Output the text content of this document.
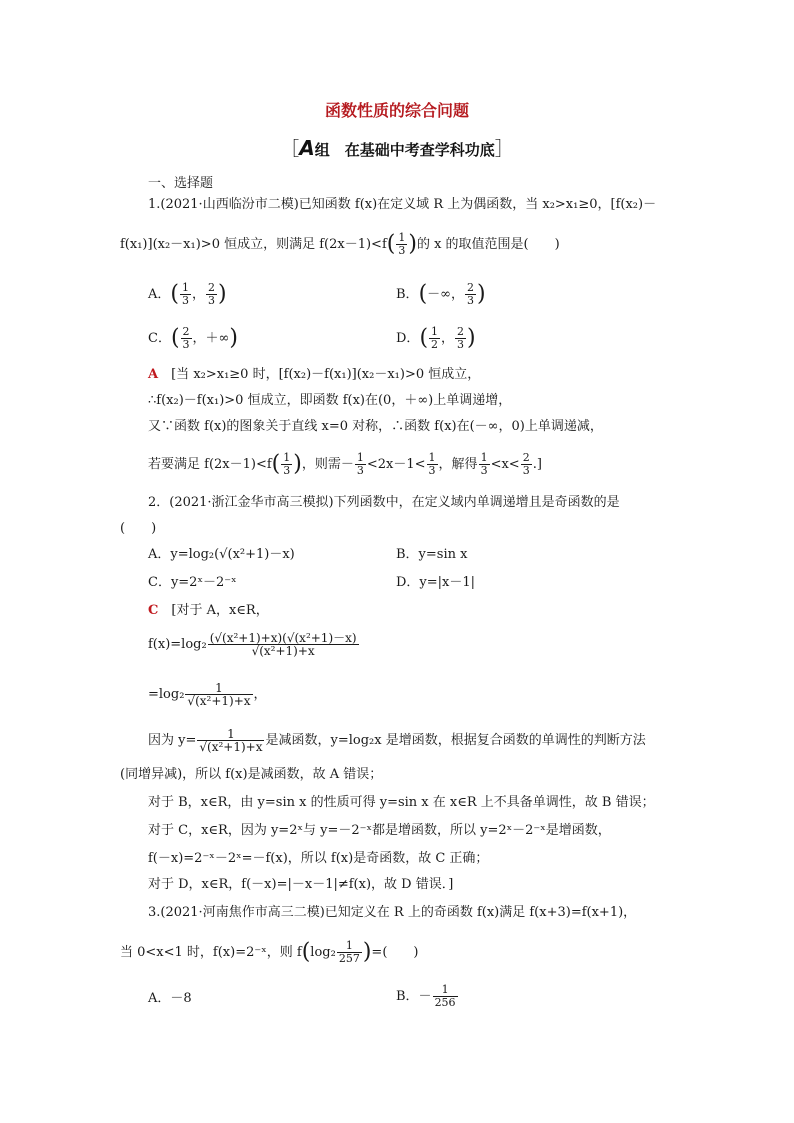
函数性质的综合问题
［A组　在基础中考查学科功底］
一、选择题
1.(2021·山西临汾市二模)已知函数 f(x)在定义域 R 上为偶函数，当 x₂>x₁≥0，[f(x₂)－
f(x₁)](x₂－x₁)>0 恒成立，则满足 $f(2x-1)<f( \frac{1}{3}$ )的 x 的取值范围是(　　)
A．( $\frac{1}{3}$ ， $\frac{2}{3}$ )	B．(－∞， $\frac{2}{3}$ )
C．( $\frac{2}{3}$ ，＋∞)	D．( $\frac{1}{2}$ ， $\frac{2}{3}$ )
A　 [当 x₂>x₁≥0 时，[f(x₂)－f(x₁)](x₂－x₁)>0 恒成立，
∴f(x₂)－f(x₁)>0 恒成立，即函数 f(x)在(0，＋∞)上单调递增，
又∵函数 f(x)的图象关于直线 x=0 对称，∴函数 f(x)在(－∞，0)上单调递减，
若要满足 $f(2x-1)<f( \frac{1}{3}$ )，则需－ $\frac{1}{3} <2x-1< \frac{1}{3}$ ，解得 $\frac{1}{3} <x< \frac{2}{3}$ .]
2．(2021·浙江金华市高三模拟)下列函数中，在定义域内单调递增且是奇函数的是
(　　)
A．y=log₂(√(x²+1)－x)	B．y=sin x
C．y=2ˣ－2⁻ˣ	D．y=|x－1|
C　 [对于 A，x∈R，
$f(x)=\log_2 \frac{\text{(√(x²+1)+x)(√(x²+1)－x)}}{\text{√(x²+1)+x}}$
$=\log_2 \frac{1}{\text{√(x²+1)+x}}$ ，
因为 $y= \frac{1}{\text{√(x²+1)+x}}$ 是减函数，y=log₂x 是增函数，根据复合函数的单调性的判断方法
(同增异减)，所以 f(x)是减函数，故 A 错误；
对于 B，x∈R，由 y=sin x 的性质可得 y=sin x 在 x∈R 上不具备单调性，故 B 错误；
对于 C，x∈R，因为 y=2ˣ与 y=－2⁻ˣ都是增函数，所以 y=2ˣ－2⁻ˣ是增函数，
f(－x)=2⁻ˣ－2ˣ=－f(x)，所以 f(x)是奇函数，故 C 正确；
对于 D，x∈R，f(－x)=|－x－1|≠f(x)，故 D 错误．]
3.(2021·河南焦作市高三二模)已知定义在 R 上的奇函数 f(x)满足 f(x+3)=f(x+1)，
当 0<x<1 时，f(x)=2⁻ˣ，则 $f(\log_2 \frac{1}{257}$ )=(　　)
A．－8	B．－ $\frac{1}{256}$
